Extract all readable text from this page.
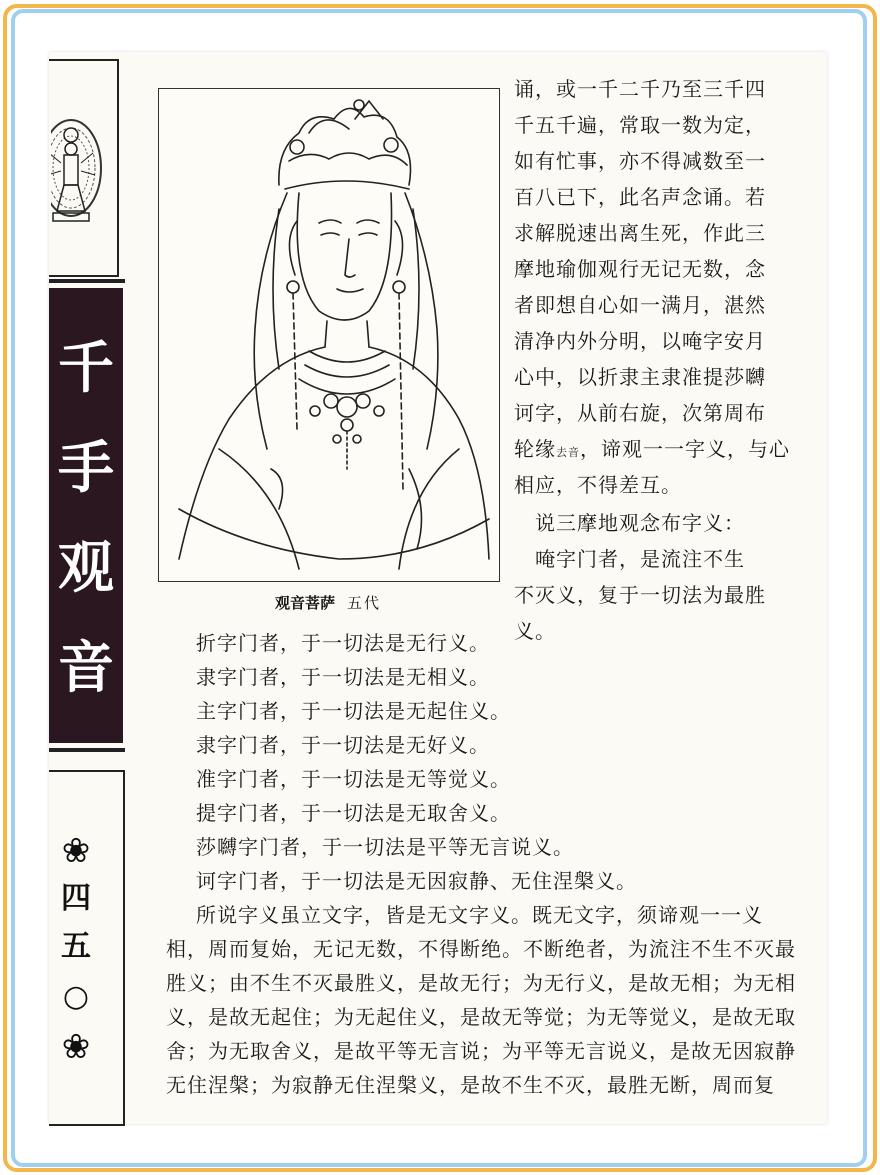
千
手
观
音
❀
四
五
○
❀
观音菩萨 五代
诵，或一千二千乃至三千四
千五千遍，常取一数为定，
如有忙事，亦不得减数至一
百八已下，此名声念诵。若
求解脱速出离生死，作此三
摩地瑜伽观行无记无数，念
者即想自心如一满月，湛然
清净内外分明，以唵字安月
心中，以折隶主隶准提莎嚩
诃字，从前右旋，次第周布
轮缘去音，谛观一一字义，与心
相应，不得差互。
　说三摩地观念布字义：
　唵字门者，是流注不生
不灭义，复于一切法为最胜
义。
折字门者，于一切法是无行义。
隶字门者，于一切法是无相义。
主字门者，于一切法是无起住义。
隶字门者，于一切法是无好义。
准字门者，于一切法是无等觉义。
提字门者，于一切法是无取舍义。
莎嚩字门者，于一切法是平等无言说义。
诃字门者，于一切法是无因寂静、无住涅槃义。
所说字义虽立文字，皆是无文字义。既无文字，须谛观一一义
相，周而复始，无记无数，不得断绝。不断绝者，为流注不生不灭最
胜义；由不生不灭最胜义，是故无行；为无行义，是故无相；为无相
义，是故无起住；为无起住义，是故无等觉；为无等觉义，是故无取
舍；为无取舍义，是故平等无言说；为平等无言说义，是故无因寂静
无住涅槃；为寂静无住涅槃义，是故不生不灭，最胜无断，周而复
